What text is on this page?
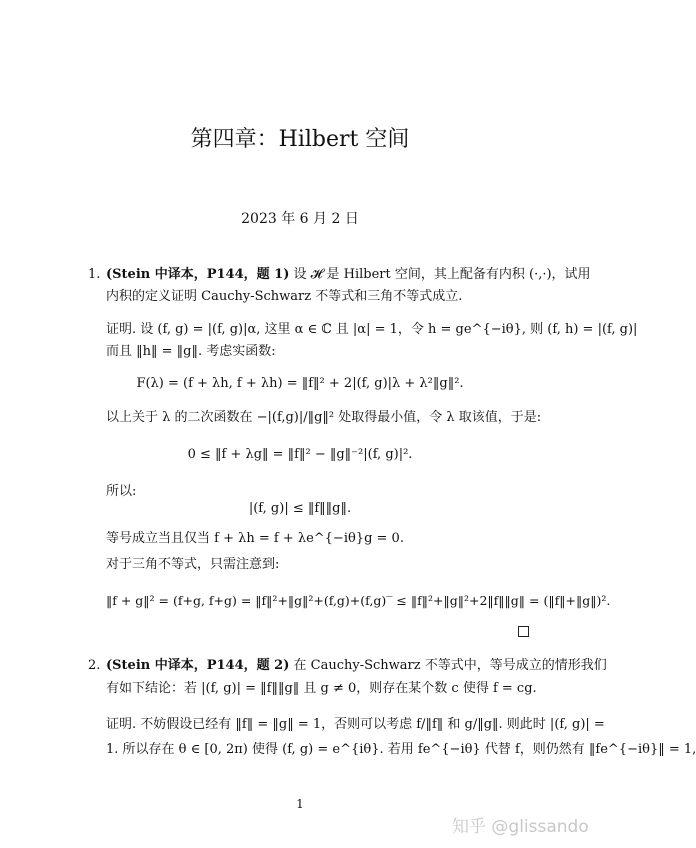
第四章：Hilbert 空间
2023 年 6 月 2 日
1. (Stein 中译本，P144，题 1) 设 𝓗 是 Hilbert 空间，其上配备有内积 (·,·)，试用
内积的定义证明 Cauchy-Schwarz 不等式和三角不等式成立.
证明. 设 (f, g) = |(f, g)|α, 这里 α ∈ ℂ 且 |α| = 1，令 h = ge^{−iθ}, 则 (f, h) = |(f, g)|
而且 ‖h‖ = ‖g‖. 考虑实函数:
F(λ) = (f + λh, f + λh) = ‖f‖² + 2|(f, g)|λ + λ²‖g‖².
以上关于 λ 的二次函数在 −|(f,g)|/‖g‖² 处取得最小值，令 λ 取该值，于是:
0 ≤ ‖f + λg‖ = ‖f‖² − ‖g‖⁻²|(f, g)|².
所以:
|(f, g)| ≤ ‖f‖‖g‖.
等号成立当且仅当 f + λh = f + λe^{−iθ}g = 0.
对于三角不等式，只需注意到:
‖f + g‖² = (f+g, f+g) = ‖f‖²+‖g‖²+(f,g)+(f,g)‾ ≤ ‖f‖²+‖g‖²+2‖f‖‖g‖ = (‖f‖+‖g‖)².
2. (Stein 中译本，P144，题 2) 在 Cauchy-Schwarz 不等式中，等号成立的情形我们
有如下结论：若 |(f, g)| = ‖f‖‖g‖ 且 g ≠ 0，则存在某个数 c 使得 f = cg.
证明. 不妨假设已经有 ‖f‖ = ‖g‖ = 1，否则可以考虑 f/‖f‖ 和 g/‖g‖. 则此时 |(f, g)| =
1. 所以存在 θ ∈ [0, 2π) 使得 (f, g) = e^{iθ}. 若用 fe^{−iθ} 代替 f，则仍然有 ‖fe^{−iθ}‖ = 1,
1
知乎 @glissando
